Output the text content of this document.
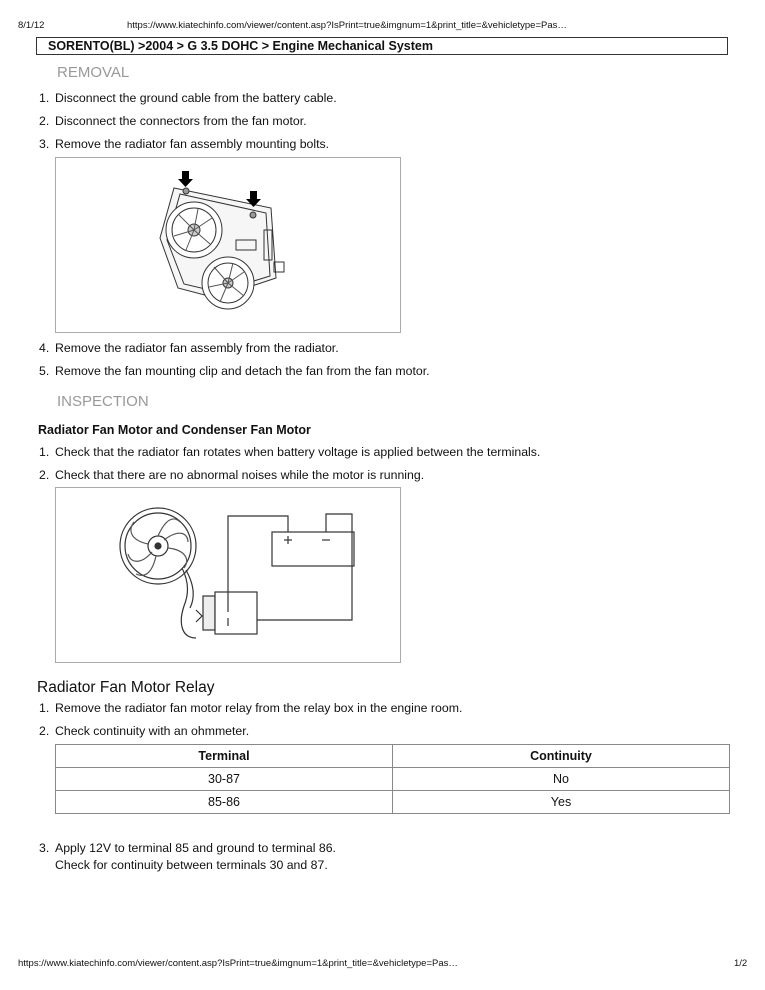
8/1/12	https://www.kiatechinfo.com/viewer/content.asp?IsPrint=true&imgnum=1&print_title=&vehicletype=Pas…
SORENTO(BL) >2004 > G 3.5 DOHC > Engine Mechanical System
REMOVAL
1. Disconnect the ground cable from the battery cable.
2. Disconnect the connectors from the fan motor.
3. Remove the radiator fan assembly mounting bolts.
4. Remove the radiator fan assembly from the radiator.
5. Remove the fan mounting clip and detach the fan from the fan motor.
INSPECTION
Radiator Fan Motor and Condenser Fan Motor
1. Check that the radiator fan rotates when battery voltage is applied between the terminals.
2. Check that there are no abnormal noises while the motor is running.
Radiator Fan Motor Relay
1. Remove the radiator fan motor relay from the relay box in the engine room.
2. Check continuity with an ohmmeter.
Terminal	Continuity
30-87	No
85-86	Yes
3. Apply 12V to terminal 85 and ground to terminal 86.
Check for continuity between terminals 30 and 87.
https://www.kiatechinfo.com/viewer/content.asp?IsPrint=true&imgnum=1&print_title=&vehicletype=Pas…	1/2
